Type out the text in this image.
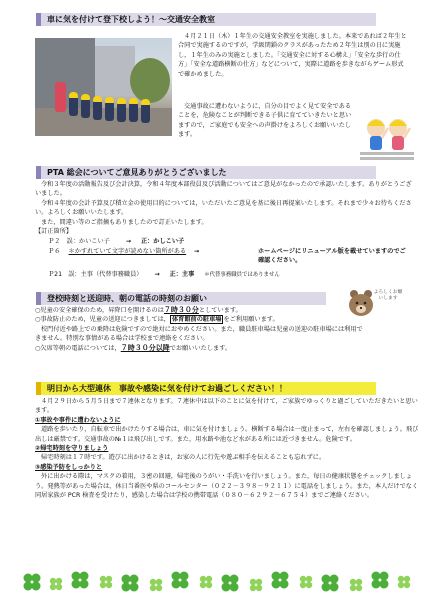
車に気を付けて登下校しよう！～交通安全教室

４月２１日（木）１年生の交通安全教室を実施しました。本来であれば２年生と合同で実施するのですが，学級閉鎖のクラスがあったため２年生は別の日に実施し，１年生のみの実施としました。「交通安全に対する心構え」「安全な歩行の仕方」「安全な道路横断の仕方」などについて，実際に道路を歩きながらゲーム形式で確かめました。

交通事故に遭わないように，自分の目でよく見て安全であることを，危険なことが判断できる子供に育てていきたいと思いますので，ご家庭でも安全への声掛けをよろしくお願いいたします。

PTA 総会についてご意見ありがとうございました

令和３年度の活動報告及び会計決算，令和４年度本部役員及び活動についてはご意見がなかったので承認いたします。ありがとうございました。

令和４年度の会計予算及び積立金の使用目的については，いただいたご意見を基に後日再提案いたします。それまで少々お待ちください。よろしくお願いいたします。

また，間違い等のご指摘もありましたので訂正いたします。

【訂正箇所】
Ｐ２　誤：かいこい子	→ 正：かしこい子
Ｐ６　 ＊かすれていて文字が読めない箇所がある →	ホームページにリニューアル版を載せていますのでご確認ください。
Ｐ21　誤：主事（代替事務職員） → 正：主事 ＊代替事務職員ではありません
登校時刻と送迎時、朝の電話の時刻のお願い
○児童の安全確保のため，昇降口を開けるのは７時３０分としています。
○事故防止のため，児童の送迎につきましては， 体育館前の駐車場 をご利用願います。

校門付近や路上での乗降は危険ですので絶対におやめください。また，職員駐車場は児童の送迎の駐車場には利用できません。特別な事情がある場合は学校まで連絡をください。

○欠席等朝の電話については，７時３０分以降でお願いいたします。
よろしくお願いします
明日から大型連休　事故や感染に気を付けてお過ごしください！！

４月２９日から５月５日まで７連休となります。７連休中は以下のことに気を付けて，ご家族でゆっくりと過ごしていただきたいと思います。

①事故や事件に遭わないように

道路を歩いたり，自転車で出かけたりする場合は，車に気を付けましょう。横断する場合は一度止まって，左右を確認しましょう。飛び出しは厳禁です。交通事故の№１は飛び出しです。また，用水路や池など水がある所には近づきません。危険です。

②帰宅時刻を守りましょう

帰宅時刻は１７時です。遊びに出かけるときは，お家の人に行先や遊ぶ相手を伝えることも忘れずに。

③感染予防をしっかりと

外に出かける際は，マスクの着用，３密の回避，帰宅後のうがい・手洗いを行いましょう。また，毎日の健康状態をチェックしましょう。発熱等があった場合は，休日当番医や県のコールセンター（０２２－３９８－９２１１）に電話をしましょう。また，本人だけでなく同居家族が PCR 検査を受けたり，感染した場合は学校の携帯電話（０８０－６２９２－６７５４）までご連絡ください。
